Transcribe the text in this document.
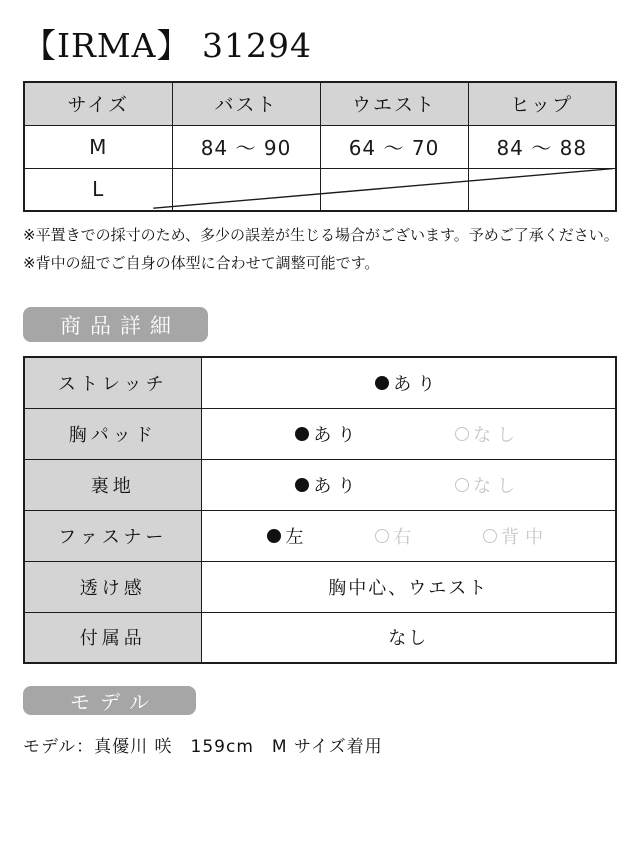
【IRMA】 31294
サイズ	バスト	ウエスト	ヒップ
M	84 〜 90	64 〜 70	84 〜 88
L			

※平置きでの採寸のため、多少の誤差が生じる場合がございます。予めご了承ください。

※背中の紐でご自身の体型に合わせて調整可能です。

商品詳細
ストレッチ	あり

胸パッド	あり なし

裏地	あり なし

ファスナー	左 右 背中

透け感	胸中心、ウエスト
付属品	なし
モデル

モデル：真優川 咲　159cm　M サイズ着用
